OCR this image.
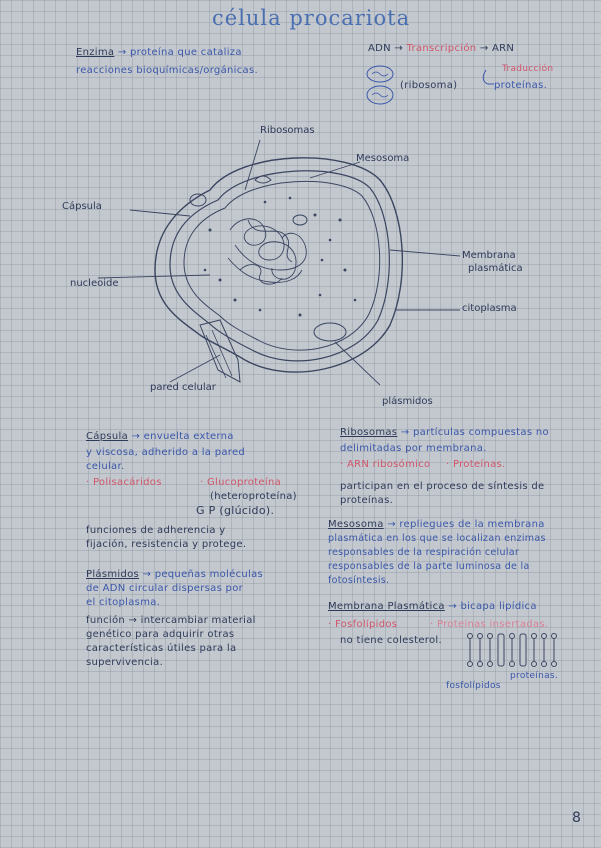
célula procariota
Enzima → proteína que cataliza
reacciones bioquímicas/orgánicas.
ADN → Transcripción → ARN
Traducción
(ribosoma)	proteínas.
Ribosomas
Mesosoma
Cápsula
nucleoide
Membrana
plasmática
citoplasma
pared celular
plásmidos
Cápsula → envuelta externa
y viscosa, adherido a la pared
celular.
· Polisacáridos	· Glucoproteína
(heteroproteína)
G P (glúcido).
funciones de adherencia y
fijación, resistencia y protege.
Plásmidos → pequeñas moléculas
de ADN circular dispersas por
el citoplasma.
función → intercambiar material
genético para adquirir otras
características útiles para la
supervivencia.
Ribosomas → partículas compuestas no
delimitadas por membrana.
· ARN ribosómico · Proteínas.
participan en el proceso de síntesis de
proteínas.
Mesosoma → repliegues de la membrana
plasmática en los que se localizan enzimas
responsables de la respiración celular
responsables de la parte luminosa de la
fotosíntesis.
Membrana Plasmática → bicapa lipídica
· Fosfolípidos	· Proteínas insertadas.
no tiene colesterol.
fosfolípidos
proteínas.
8
